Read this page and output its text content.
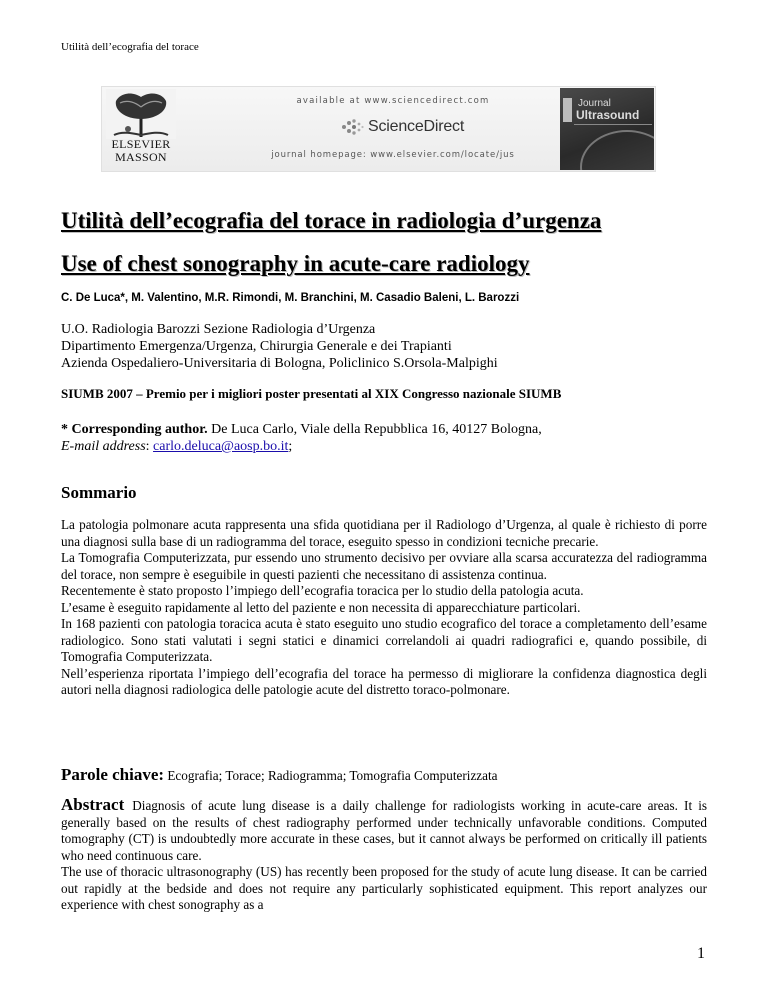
Utilità dell’ecografia del torace
ELSEVIER
MASSON
available at www.sciencedirect.com
ScienceDirect
journal homepage: www.elsevier.com/locate/jus
Journal
Ultrasound
Utilità dell’ecografia del torace in radiologia d’urgenza
Use of chest sonography in acute-care radiology
C. De Luca*, M. Valentino, M.R. Rimondi, M. Branchini, M. Casadio Baleni, L. Barozzi
U.O. Radiologia Barozzi Sezione Radiologia d’Urgenza
Dipartimento Emergenza/Urgenza, Chirurgia Generale e dei Trapianti
Azienda Ospedaliero-Universitaria di Bologna, Policlinico S.Orsola-Malpighi
SIUMB 2007 – Premio per i migliori poster presentati al XIX Congresso nazionale SIUMB
* Corresponding author. De Luca Carlo, Viale della Repubblica 16, 40127 Bologna,
E-mail address: carlo.deluca@aosp.bo.it;
Sommario

La patologia polmonare acuta rappresenta una sfida quotidiana per il Radiologo d’Urgenza, al quale è richiesto di porre una diagnosi sulla base di un radiogramma del torace, eseguito spesso in condizioni tecniche precarie.

La Tomografia Computerizzata, pur essendo uno strumento decisivo per ovviare alla scarsa accuratezza del radiogramma del torace, non sempre è eseguibile in questi pazienti che necessitano di assistenza continua.

Recentemente è stato proposto l’impiego dell’ecografia toracica per lo studio della patologia acuta.

L’esame è eseguito rapidamente al letto del paziente e non necessita di apparecchiature particolari.

In 168 pazienti con patologia toracica acuta è stato eseguito uno studio ecografico del torace a completamento dell’esame radiologico. Sono stati valutati i segni statici e dinamici correlandoli ai quadri radiografici e, quando possibile, di Tomografia Computerizzata.

Nell’esperienza riportata l’impiego dell’ecografia del torace ha permesso di migliorare la confidenza diagnostica degli autori nella diagnosi radiologica delle patologie acute del distretto toraco-polmonare.

Parole chiave: Ecografia; Torace; Radiogramma; Tomografia Computerizzata

Abstract Diagnosis of acute lung disease is a daily challenge for radiologists working in acute-care areas. It is generally based on the results of chest radiography performed under technically unfavorable conditions. Computed tomography (CT) is undoubtedly more accurate in these cases, but it cannot always be performed on critically ill patients who need continuous care.

The use of thoracic ultrasonography (US) has recently been proposed for the study of acute lung disease. It can be carried out rapidly at the bedside and does not require any particularly sophisticated equipment. This report analyzes our experience with chest sonography as a

1
